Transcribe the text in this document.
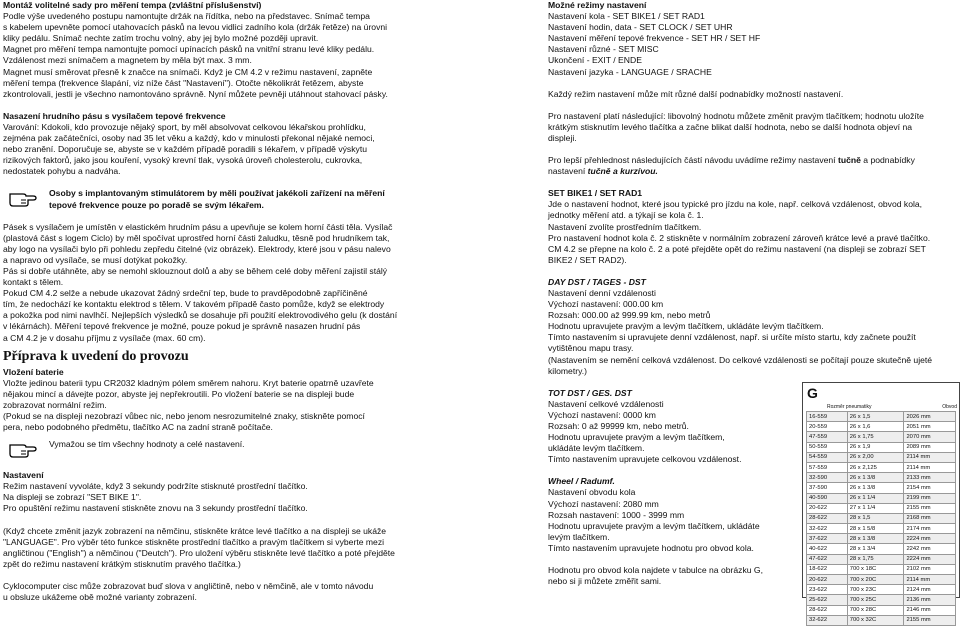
Montáž volitelné sady pro měření tempa (zvláštní příslušenství)
Podle výše uvedeného postupu namontujte držák na řídítka, nebo na představec. Snímač tempa
s kabelem upevněte pomocí utahovacích pásků na levou vidlici zadního kola (držák řetěze) na úrovni
kliky pedálu. Snímač nechte zatím trochu volný, aby jej bylo možné později upravit.
Magnet pro měření tempa namontujte pomocí upínacích pásků na vnitřní stranu levé kliky pedálu.
Vzdálenost mezi snímačem a magnetem by měla být max. 3 mm.
Magnet musí směrovat přesně k značce na snímači. Když je CM 4.2 v režimu nastavení, zapněte
měření tempa (frekvence šlapání, viz níže část "Nastavení"). Otočte několikrát řetězem, abyste
zkontrolovali, jestli je všechno namontováno správně. Nyní můžete pevněji utáhnout stahovací pásky.
Nasazení hrudního pásu s vysílačem tepové frekvence
Varování: Kdokoli, kdo provozuje nějaký sport, by měl absolvovat celkovou lékařskou prohlídku,
zejména pak začátečníci, osoby nad 35 let věku a každý, kdo v minulosti překonal nějaké nemoci,
nebo zranění. Doporučuje se, abyste se v každém případě poradili s lékařem, v případě výskytu
rizikových faktorů, jako jsou kouření, vysoký krevní tlak, vysoká úroveň cholesterolu, cukrovka,
nedostatek pohybu a nadváha.
Osoby s implantovaným stimulátorem by měli používat jakékoli zařízení na měření
tepové frekvence pouze po poradě se svým lékařem.
Pásek s vysílačem je umístěn v elastickém hrudním pásu a upevňuje se kolem horní části těla. Vysílač
(plastová část s logem Ciclo) by měl spočívat uprostřed horní části žaludku, těsně pod hrudníkem tak,
aby logo na vysílači bylo při pohledu zepředu čitelné (viz obrázek). Elektrody, které jsou v pásu nalevo
a napravo od vysílače, se musí dotýkat pokožky.
Pás si dobře utáhněte, aby se nemohl sklouznout dolů a aby se během celé doby měření zajistil stálý
kontakt s tělem.
Pokud CM 4.2 selže a nebude ukazovat žádný srdeční tep, bude to pravděpodobně zapříčiněné
tím, že nedochází ke kontaktu elektrod s tělem. V takovém případě často pomůže, když se elektrody
a pokožka pod nimi navlhčí. Nejlepších výsledků se dosahuje při použití elektrovodivého gelu (k dostání
v lékárnách). Měření tepové frekvence je možné, pouze pokud je správně nasazen hrudní pás
a CM 4.2 je v dosahu příjmu z vysílače (max. 60 cm).
Příprava k uvedení do provozu
Vložení baterie
Vložte jedinou baterii typu CR2032 kladným pólem směrem nahoru. Kryt baterie opatrně uzavřete
nějakou mincí a dávejte pozor, abyste jej nepřekroutili. Po vložení baterie se na displeji bude
zobrazovat normální režim.
(Pokud se na displeji nezobrazí vůbec nic, nebo jenom nesrozumitelné znaky, stiskněte pomocí
pera, nebo podobného předmětu, tlačítko AC na zadní straně počítače.
Vymažou se tím všechny hodnoty a celé nastavení.
Nastavení
Režim nastavení vyvoláte, když 3 sekundy podržíte stisknuté prostřední tlačítko.
Na displeji se zobrazí "SET BIKE 1".
Pro opuštění režimu nastavení stiskněte znovu na 3 sekundy prostřední tlačítko.
(Když chcete změnit jazyk zobrazení na němčinu, stiskněte krátce levé tlačítko a na displeji se ukáže
"LANGUAGE". Pro výběr této funkce stiskněte prostřední tlačítko a pravým tlačítkem si vyberte mezi
angličtinou ("English") a němčinou ("Deutch"). Pro uložení výběru stiskněte levé tlačítko a poté přejděte
zpět do režimu nastavení krátkým stisknutím pravého tlačítka.)
Cyklocomputer cisc může zobrazovat buď slova v angličtině, nebo v němčině, ale v tomto návodu
u obsluze ukážeme obě možné varianty zobrazení.
Možné režimy nastavení
Nastavení kola - SET BIKE1 / SET RAD1
Nastavení hodin, data - SET CLOCK / SET UHR
Nastavení měření tepové frekvence - SET HR / SET HF
Nastavení různé - SET MISC
Ukončení - EXIT / ENDE
Nastavení jazyka - LANGUAGE / SRACHE
Každý režim nastavení může mít různé další podnabídky možností nastavení.
Pro nastavení platí následující: libovolný hodnotu můžete změnit pravým tlačítkem; hodnotu uložíte
krátkým stisknutím levého tlačítka a začne blikat další hodnota, nebo se další hodnota objeví na
displeji.
Pro lepší přehlednost následujících částí návodu uvádíme režimy nastavení tučně a podnabídky
nastavení tučně a kurzívou.
SET BIKE1 / SET RAD1
Jde o nastavení hodnot, které jsou typické pro jízdu na kole, např. celková vzdálenost, obvod kola,
jednotky měření atd. a týkají se kola č. 1.
Nastavení zvolíte prostředním tlačítkem.
Pro nastavení hodnot kola č. 2 stiskněte v normálním zobrazení zároveň krátce levé a pravé tlačítko.
CM 4.2 se přepne na kolo č. 2 a poté přejděte opět do režimu nastavení (na displeji se zobrazí SET
BIKE2 / SET RAD2).
DAY DST / TAGES - DST
Nastavení denní vzdálenosti
Výchozí nastavení: 000.00 km
Rozsah: 000.00 až 999.99 km, nebo metrů
Hodnotu upravujete pravým a levým tlačítkem, ukládáte levým tlačítkem.
Tímto nastavením si upravujete denní vzdálenost, např. si určíte místo startu, kdy začnete použít
vytištěnou mapu trasy.
(Nastavením se nemění celková vzdálenost. Do celkové vzdálenosti se počítají pouze skutečně ujeté
kilometry.)
TOT DST / GES. DST
Nastavení celkové vzdálenosti
Výchozí nastavení: 0000 km
Rozsah: 0 až 99999 km, nebo metrů.
Hodnotu upravujete pravým a levým tlačítkem,
ukládáte levým tlačítkem.
Tímto nastavením upravujete celkovou vzdálenost.
Wheel / Radumf.
Nastavení obvodu kola
Výchozí nastavení: 2080 mm
Rozsah nastavení: 1000 - 3999 mm
Hodnotu upravujete pravým a levým tlačítkem, ukládáte
levým tlačítkem.
Tímto nastavením upravujete hodnotu pro obvod kola.
Hodnotu pro obvod kola najdete v tabulce na obrázku G,
nebo si ji můžete změřit sami.
G
Rozměr pneumatiky	Obvod
16-559	26 x 1,5	2026 mm
20-559	26 x 1,6	2051 mm
47-559	26 x 1,75	2070 mm
50-559	26 x 1,9	2089 mm
54-559	26 x 2,00	2114 mm
57-559	26 x 2,125	2114 mm
32-590	26 x 1 3/8	2133 mm
37-590	26 x 1 3/8	2154 mm
40-590	26 x 1 1/4	2199 mm
20-622	27 x 1 1/4	2155 mm
28-622	28 x 1,5	2168 mm
32-622	28 x 1 5/8	2174 mm
37-622	28 x 1 3/8	2224 mm
40-622	28 x 1 3/4	2242 mm
47-622	28 x 1,75	2224 mm
18-622	700 x 18C	2102 mm
20-622	700 x 20C	2114 mm
23-622	700 x 23C	2124 mm
25-622	700 x 25C	2136 mm
28-622	700 x 28C	2146 mm
32-622	700 x 32C	2155 mm
